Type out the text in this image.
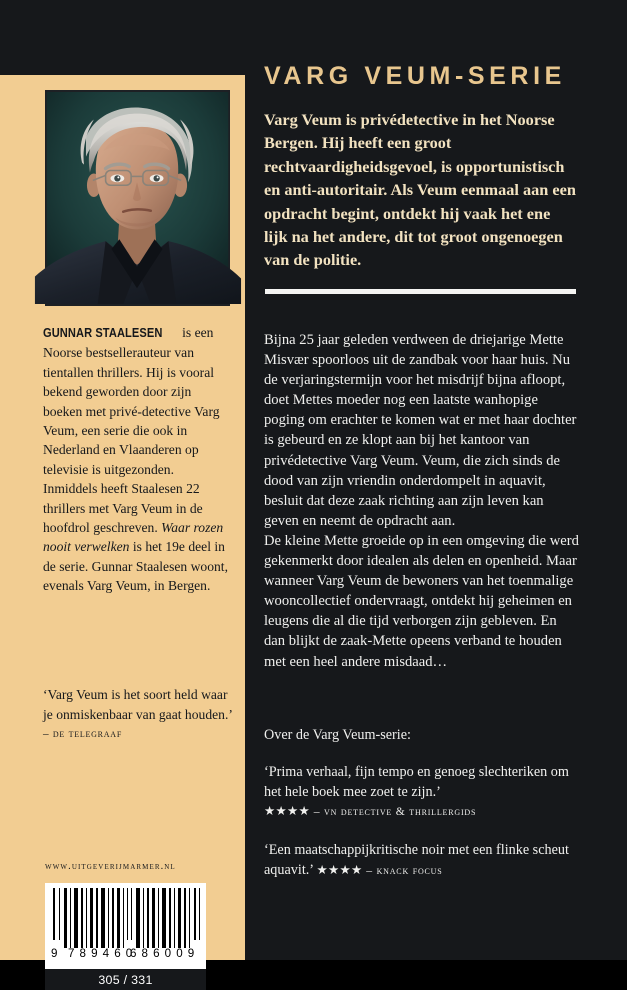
GUNNAR STAALESEN is een Noorse bestsellerauteur van tientallen thrillers. Hij is vooral bekend geworden door zijn boeken met privé-detective Varg Veum, een serie die ook in Nederland en Vlaanderen op televisie is uitgezonden. Inmiddels heeft Staalesen 22 thrillers met Varg Veum in de hoofdrol geschreven. Waar rozen nooit verwelken is het 19e deel in de serie. Gunnar Staalesen woont, evenals Varg Veum, in Bergen.
‘Varg Veum is het soort held waar je onmiskenbaar van gaat houden.’
– de telegraaf
www.uitgeverijmarmer.nl
9 789460
686009
305 / 331
VARG VEUM-SERIE
Varg Veum is privédetective in het Noorse Bergen. Hij heeft een groot rechtvaardigheidsgevoel, is opportunistisch en anti-autoritair. Als Veum eenmaal aan een opdracht begint, ontdekt hij vaak het ene lijk na het andere, dit tot groot ongenoegen van de politie.

Bijna 25 jaar geleden verdween de driejarige Mette Misvær spoorloos uit de zandbak voor haar huis. Nu de verjaringstermijn voor het misdrijf bijna afloopt, doet Mettes moeder nog een laatste wanhopige poging om erachter te komen wat er met haar dochter is gebeurd en ze klopt aan bij het kantoor van privédetective Varg Veum. Veum, die zich sinds de dood van zijn vriendin onderdompelt in aquavit, besluit dat deze zaak richting aan zijn leven kan geven en neemt de opdracht aan.

De kleine Mette groeide op in een omgeving die werd gekenmerkt door idealen als delen en openheid. Maar wanneer Varg Veum de bewoners van het toenmalige wooncollectief ondervraagt, ontdekt hij geheimen en leugens die al die tijd verborgen zijn gebleven. En dan blijkt de zaak-Mette opeens verband te houden met een heel andere misdaad…

Over de Varg Veum-serie:
‘Prima verhaal, fijn tempo en genoeg slechteriken om het hele boek mee zoet te zijn.’
★★★★ – vn detective & thrillergids
‘Een maatschappijkritische noir met een flinke scheut aquavit.’ ★★★★ – knack focus
